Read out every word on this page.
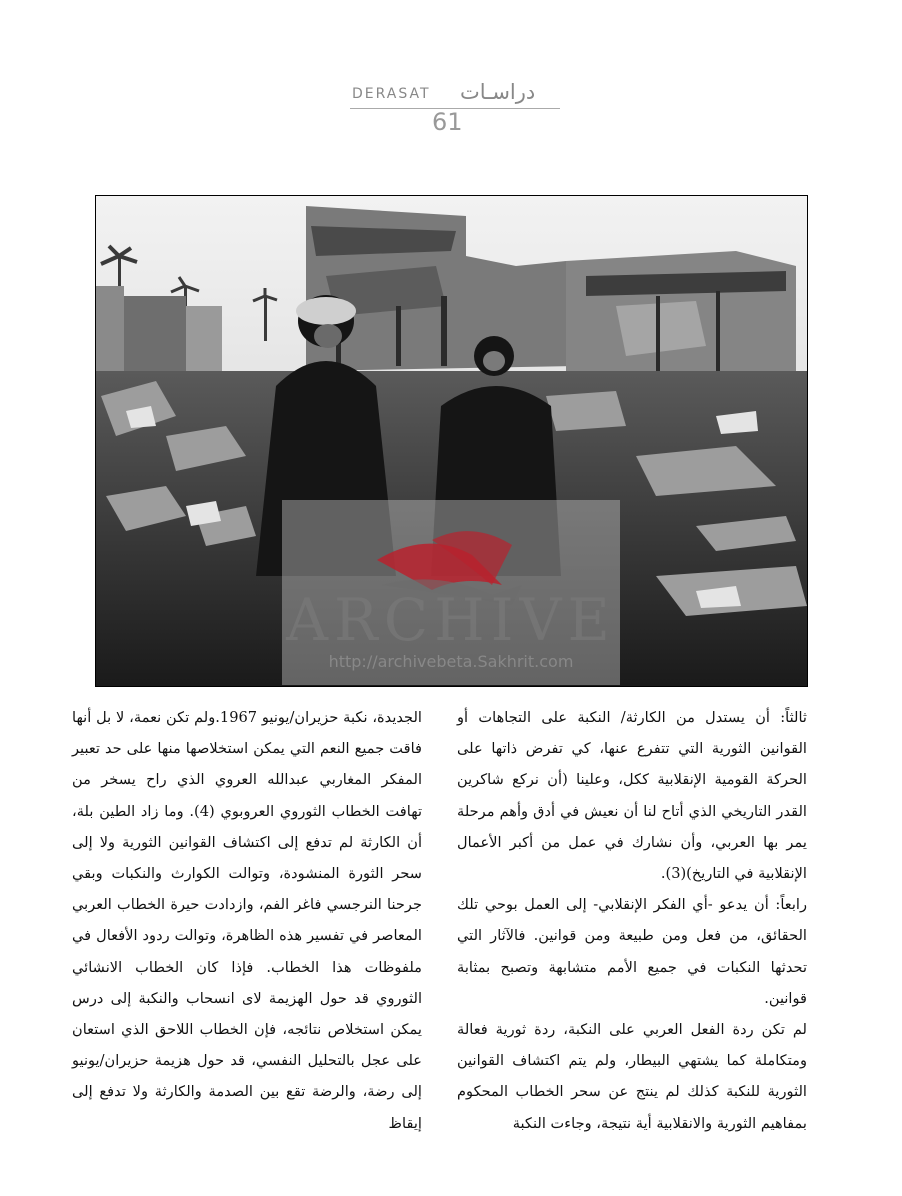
DERASAT دراسـات
61
ARCHIVE
http://archivebeta.Sakhrit.com

ثالثاً: أن يستدل من الكارثة/ النكبة على التجاهات أو القوانين الثورية التي تتفرع عنها، كي تفرض ذاتها على الحركة القومية الإنقلابية ككل، وعلينا (أن نركع شاكرين القدر التاريخي الذي أتاح لنا أن نعيش في أدق وأهم مرحلة يمر بها العربي، وأن نشارك في عمل من أكبر الأعمال الإنقلابية في التاريخ)(3).

رابعاً: أن يدعو -أي الفكر الإنقلابي- إلى العمل بوحي تلك الحقائق، من فعل ومن طبيعة ومن قوانين. فالآثار التي تحدثها النكبات في جميع الأمم متشابهة وتصبح بمثابة قوانين.

لم تكن ردة الفعل العربي على النكبة، ردة ثورية فعالة ومتكاملة كما يشتهي البيطار، ولم يتم اكتشاف القوانين الثورية للنكبة كذلك لم ينتج عن سحر الخطاب المحكوم بمفاهيم الثورية والانقلابية أية نتيجة، وجاءت النكبة

الجديدة، نكبة حزيران/يونيو 1967.ولم تكن نعمة، لا بل أنها فاقت جميع النعم التي يمكن استخلاصها منها على حد تعبير المفكر المغاربي عبدالله العروي الذي راح يسخر من تهافت الخطاب الثوروي العروبوي (4). وما زاد الطين بلة، أن الكارثة لم تدفع إلى اكتشاف القوانين الثورية ولا إلى سحر الثورة المنشودة، وتوالت الكوارث والنكبات وبقي جرحنا النرجسي فاغر الفم، وازدادت حيرة الخطاب العربي المعاصر في تفسير هذه الظاهرة، وتوالت ردود الأفعال في ملفوظات هذا الخطاب. فإذا كان الخطاب الانشائي الثوروي قد حول الهزيمة لاى انسحاب والنكبة إلى درس يمكن استخلاص نتائجه، فإن الخطاب اللاحق الذي استعان على عجل بالتحليل النفسي، قد حول هزيمة حزيران/يونيو إلى رضة، والرضة تقع بين الصدمة والكارثة ولا تدفع إلى إيقاظ
